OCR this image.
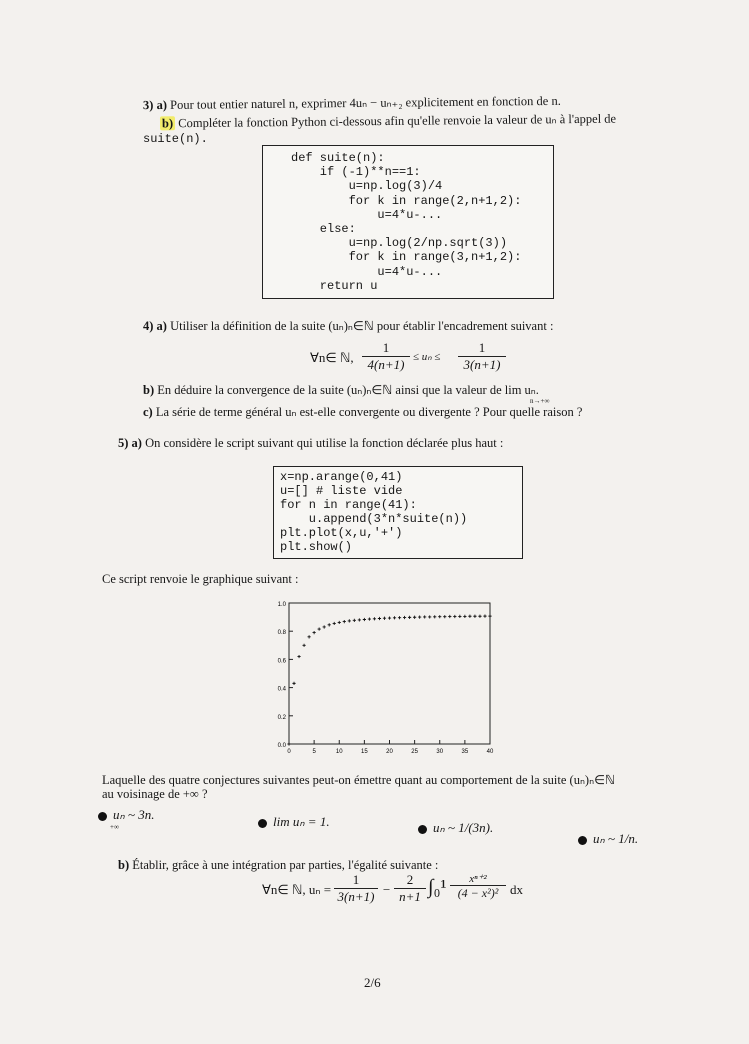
3) a) Pour tout entier naturel n, exprimer 4uₙ − uₙ₊₂ explicitement en fonction de n.
b) Compléter la fonction Python ci-dessous afin qu'elle renvoie la valeur de uₙ à l'appel de
suite(n).
def suite(n):
if (-1)**n==1:
u=np.log(3)/4
for k in range(2,n+1,2):
u=4*u-...
else:
u=np.log(2/np.sqrt(3))
for k in range(3,n+1,2):
u=4*u-...
return u
4) a) Utiliser la définition de la suite (uₙ)ₙ∈ℕ pour établir l'encadrement suivant :
∀n∈ ℕ,
1
4(n+1) ≤ uₙ ≤
1
3(n+1)
b) En déduire la convergence de la suite (uₙ)ₙ∈ℕ ainsi que la valeur de lim uₙ.
n→+∞
c) La série de terme général uₙ est-elle convergente ou divergente ? Pour quelle raison ?
5) a) On considère le script suivant qui utilise la fonction déclarée plus haut :
x=np.arange(0,41)
u=[] # liste vide
for n in range(41):
u.append(3*n*suite(n))
plt.plot(x,u,'+')
plt.show()
Ce script renvoie le graphique suivant :
0.0
0.2
0.4
0.6
0.8
1.0
0	5	10	15	20	25	30	35	40
Laquelle des quatre conjectures suivantes peut-on émettre quant au comportement de la suite (uₙ)ₙ∈ℕ
au voisinage de +∞ ?
uₙ ~ 3n.	lim uₙ = 1.	uₙ ~ 1/(3n).
uₙ ~ 1/n.
+∞
b) Établir, grâce à une intégration par parties, l'égalité suivante :
∀n∈ ℕ, uₙ =
1
3(n+1) −
2
n+1 ∫₀¹	xⁿ⁺²
(4 − x²)² dx
2/6
